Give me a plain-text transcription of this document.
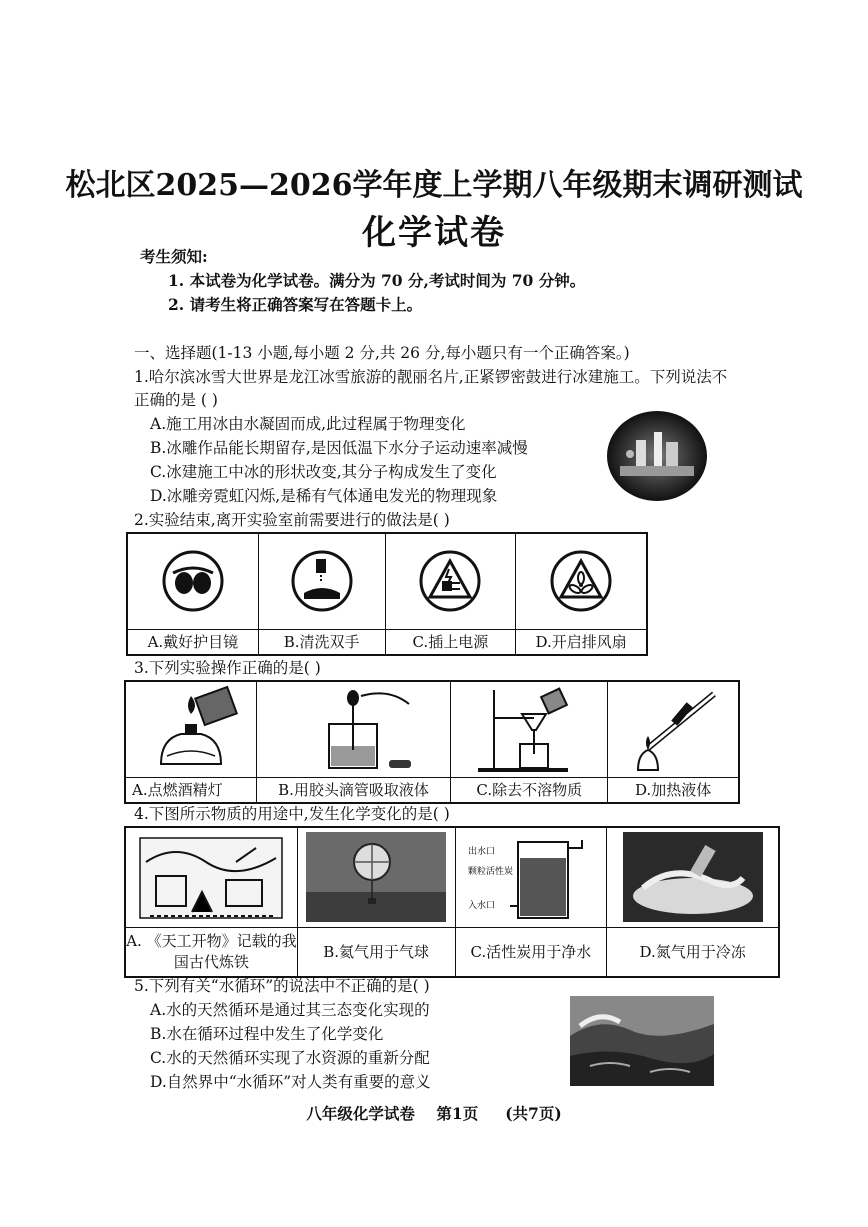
松北区2025—2026学年度上学期八年级期末调研测试
化学试卷
考生须知:
1. 本试卷为化学试卷。满分为 70 分,考试时间为 70 分钟。
2. 请考生将正确答案写在答题卡上。
一、选择题(1-13 小题,每小题 2 分,共 26 分,每小题只有一个正确答案。)
1.哈尔滨冰雪大世界是龙江冰雪旅游的靓丽名片,正紧锣密鼓进行冰建施工。下列说法不
正确的是 ( )
A.施工用冰由水凝固而成,此过程属于物理变化
B.冰雕作品能长期留存,是因低温下水分子运动速率减慢
C.冰建施工中冰的形状改变,其分子构成发生了变化
D.冰雕旁霓虹闪烁,是稀有气体通电发光的物理现象
2.实验结束,离开实验室前需要进行的做法是( )

A.戴好护目镜	B.清洗双手	C.插上电源	D.开启排风扇
3.下列实验操作正确的是( )

A.点燃酒精灯	B.用胶头滴管吸取液体	C.除去不溶物质	D.加热液体
4.下图所示物质的用途中,发生化学变化的是( )

出水口
颗粒活性炭
入水口

A. 《天工开物》记载的我国古代炼铁	B.氦气用于气球	C.活性炭用于净水	D.氮气用于冷冻
5.下列有关“水循环”的说法中不正确的是( )
A.水的天然循环是通过其三态变化实现的
B.水在循环过程中发生了化学变化
C.水的天然循环实现了水资源的重新分配
D.自然界中“水循环”对人类有重要的意义
八年级化学试卷    第1页     (共7页)
